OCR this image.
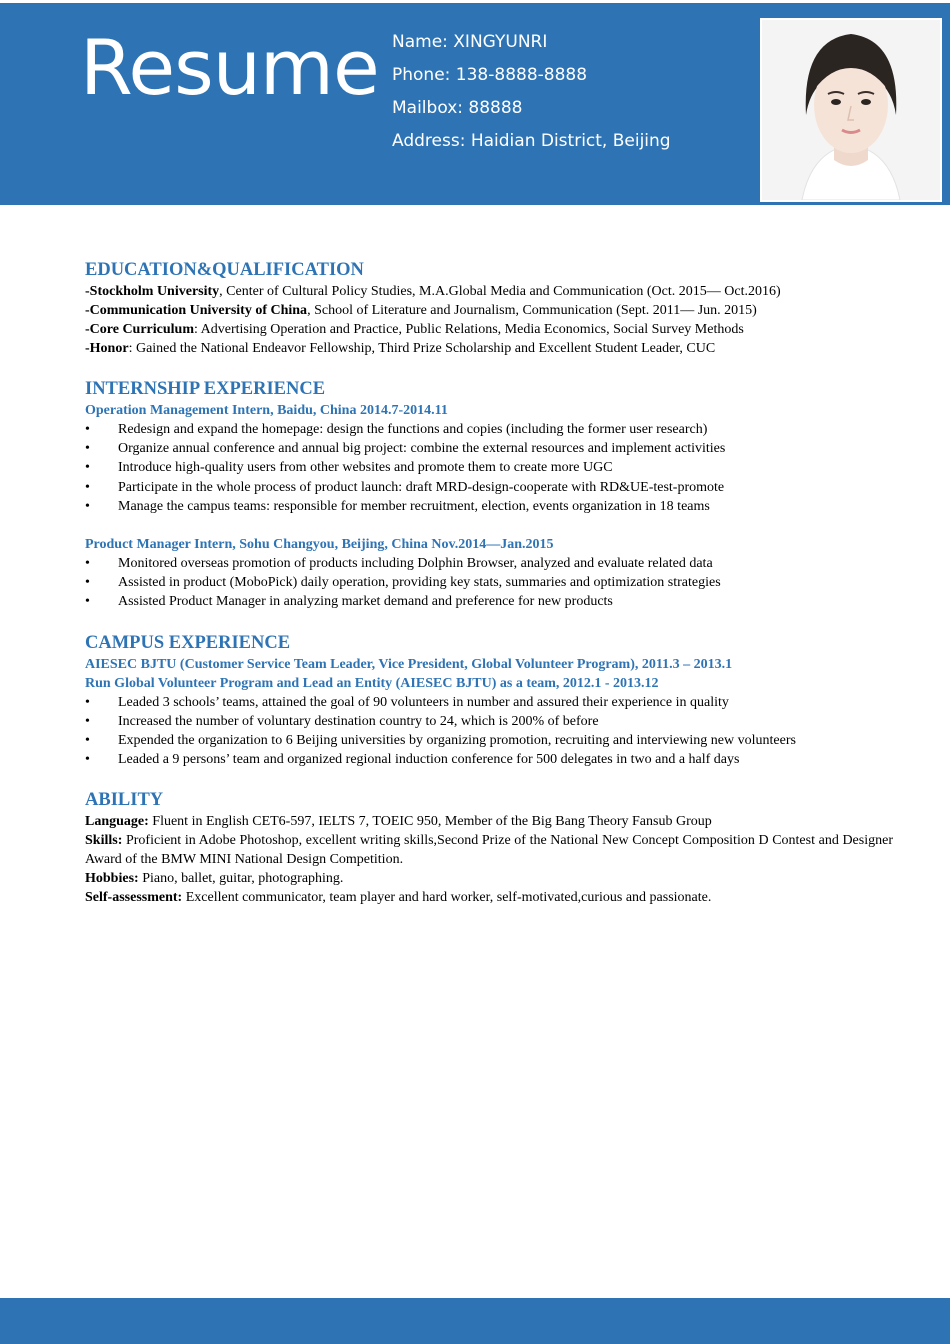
Resume Name: XINGYUNRI
Phone: 138-8888-8888
Mailbox: 88888
Address: Haidian District, Beijing
EDUCATION&QUALIFICATION
-Stockholm University, Center of Cultural Policy Studies, M.A.Global Media and Communication (Oct. 2015— Oct.2016)
-Communication University of China, School of Literature and Journalism, Communication (Sept. 2011— Jun. 2015)
-Core Curriculum: Advertising Operation and Practice, Public Relations, Media Economics, Social Survey Methods
-Honor: Gained the National Endeavor Fellowship, Third Prize Scholarship and Excellent Student Leader, CUC
INTERNSHIP EXPERIENCE
Operation Management Intern, Baidu, China 2014.7-2014.11
• Redesign and expand the homepage: design the functions and copies (including the former user research)
• Organize annual conference and annual big project: combine the external resources and implement activities
• Introduce high-quality users from other websites and promote them to create more UGC
• Participate in the whole process of product launch: draft MRD-design-cooperate with RD&UE-test-promote
• Manage the campus teams: responsible for member recruitment, election, events organization in 18 teams
Product Manager Intern, Sohu Changyou, Beijing, China Nov.2014—Jan.2015
• Monitored overseas promotion of products including Dolphin Browser, analyzed and evaluate related data
• Assisted in product (MoboPick) daily operation, providing key stats, summaries and optimization strategies
• Assisted Product Manager in analyzing market demand and preference for new products
CAMPUS EXPERIENCE
AIESEC BJTU (Customer Service Team Leader, Vice President, Global Volunteer Program), 2011.3 – 2013.1
Run Global Volunteer Program and Lead an Entity (AIESEC BJTU) as a team, 2012.1 - 2013.12
• Leaded 3 schools’ teams, attained the goal of 90 volunteers in number and assured their experience in quality
• Increased the number of voluntary destination country to 24, which is 200% of before
• Expended the organization to 6 Beijing universities by organizing promotion, recruiting and interviewing new volunteers
• Leaded a 9 persons’ team and organized regional induction conference for 500 delegates in two and a half days
ABILITY
Language: Fluent in English CET6-597, IELTS 7, TOEIC 950, Member of the Big Bang Theory Fansub Group
Skills: Proficient in Adobe Photoshop, excellent writing skills,Second Prize of the National New Concept Composition D Contest and Designer Award of the BMW MINI National Design Competition.
Hobbies: Piano, ballet, guitar, photographing.
Self-assessment: Excellent communicator, team player and hard worker, self-motivated,curious and passionate.
